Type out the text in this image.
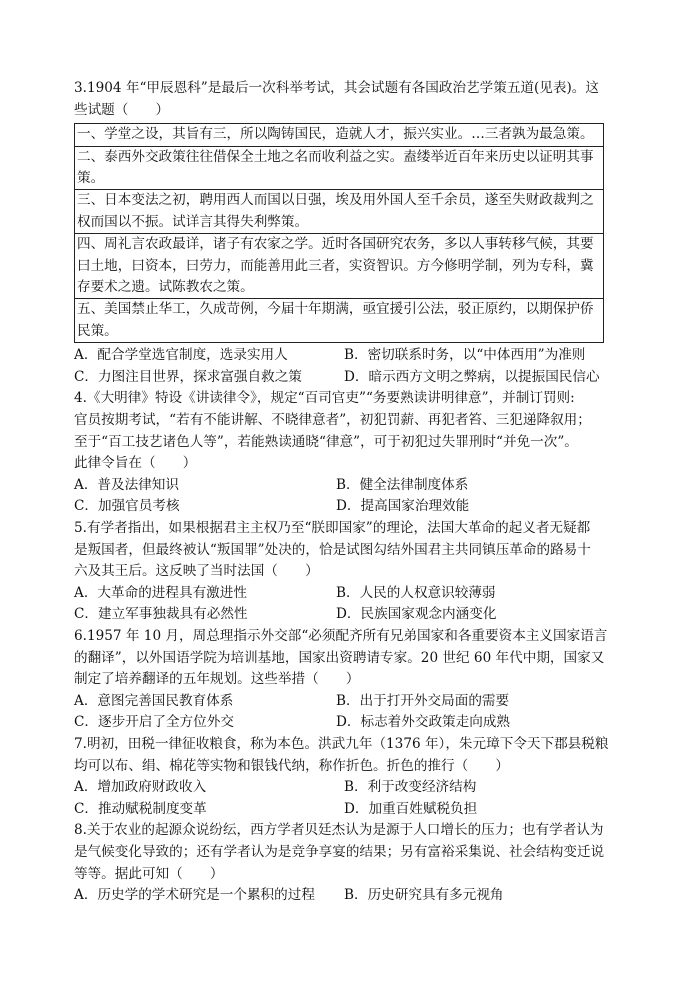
3.1904 年“甲辰恩科”是最后一次科举考试，其会试题有各国政治艺学策五道(见表)。这
些试题（　　）
一、学堂之设，其旨有三，所以陶铸国民，造就人才，振兴实业。…三者孰为最急策。

二、泰西外交政策往往借保全土地之名而收利益之实。盍缕举近百年来历史以证明其事策。

三、日本变法之初，聘用西人而国以日强，埃及用外国人至千余员，遂至失财政裁判之权而国以不振。试详言其得失利弊策。

四、周礼言农政最详，诸子有农家之学。近时各国研究农务，多以人事转移气候，其要曰土地，曰资本，曰劳力，而能善用此三者，实资智识。方今修明学制，列为专科，冀存要术之遗。试陈教农之策。

五、美国禁止华工，久成苛例，今届十年期满，亟宜援引公法，驳正原约，以期保护侨民策。
A．配合学堂选官制度，选录实用人	B．密切联系时务，以“中体西用”为准则
C．力图注目世界，探求富强自救之策	D．暗示西方文明之弊病，以提振国民信心
4.《大明律》特设《讲读律令》，规定“百司官吏”“务要熟读讲明律意”，并制订罚则:
官员按期考试，“若有不能讲解、不晓律意者”，初犯罚薪、再犯者笞、三犯递降叙用；
至于“百工技艺诸色人等”，若能熟读通晓“律意”，可于初犯过失罪刑时“并免一次”。
此律令旨在（　　）
A．普及法律知识	B．健全法律制度体系
C．加强官员考核	D．提高国家治理效能
5.有学者指出，如果根据君主主权乃至“朕即国家”的理论，法国大革命的起义者无疑都
是叛国者，但最终被认“叛国罪”处决的，恰是试图勾结外国君主共同镇压革命的路易十
六及其王后。这反映了当时法国（　　）
A．大革命的进程具有激进性	B．人民的人权意识较薄弱
C．建立军事独裁具有必然性	D．民族国家观念内涵变化
6.1957 年 10 月，周总理指示外交部“必须配齐所有兄弟国家和各重要资本主义国家语言
的翻译”，以外国语学院为培训基地，国家出资聘请专家。20 世纪 60 年代中期，国家又
制定了培养翻译的五年规划。这些举措（　　）
A．意图完善国民教育体系	B．出于打开外交局面的需要
C．逐步开启了全方位外交	D．标志着外交政策走向成熟
7.明初，田税一律征收粮食，称为本色。洪武九年（1376 年），朱元璋下令天下郡县税粮
均可以布、绢、棉花等实物和银钱代纳，称作折色。折色的推行（　　）
A．增加政府财政收入	B．利于改变经济结构
C．推动赋税制度变革	D．加重百姓赋税负担
8.关于农业的起源众说纷纭，西方学者贝廷杰认为是源于人口增长的压力；也有学者认为
是气候变化导致的；还有学者认为是竞争享宴的结果；另有富裕采集说、社会结构变迁说
等等。据此可知（　　）
A．历史学的学术研究是一个累积的过程	B．历史研究具有多元视角
